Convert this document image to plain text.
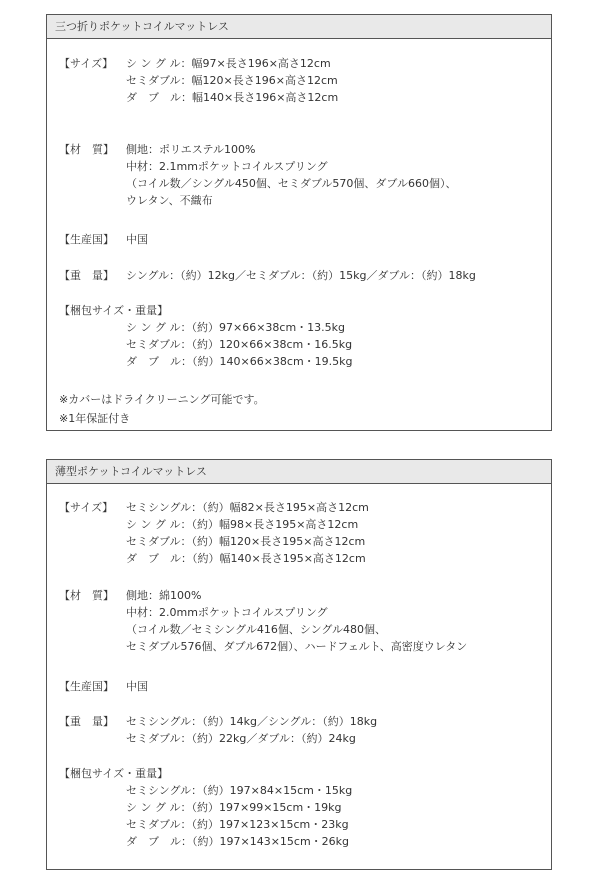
三つ折りポケットコイルマットレス
【サイズ】 シ ン グ ル：幅97×長さ196×高さ12cm
セミダブル：幅120×長さ196×高さ12cm
ダ　ブ　ル：幅140×長さ196×高さ12cm
【材　質】 側地：ポリエステル100%
中材：2.1mmポケットコイルスプリング
（コイル数／シングル450個、セミダブル570個、ダブル660個）、
ウレタン、不織布
【生産国】 中国
【重　量】 シングル：（約）12kg／セミダブル：（約）15kg／ダブル：（約）18kg
【梱包サイズ・重量】
シ ン グ ル：（約）97×66×38cm・13.5kg
セミダブル：（約）120×66×38cm・16.5kg
ダ　ブ　ル：（約）140×66×38cm・19.5kg
※カバーはドライクリーニング可能です。
※1年保証付き
薄型ポケットコイルマットレス
【サイズ】 セミシングル：（約）幅82×長さ195×高さ12cm
シ ン グ ル：（約）幅98×長さ195×高さ12cm
セミダブル：（約）幅120×長さ195×高さ12cm
ダ　ブ　ル：（約）幅140×長さ195×高さ12cm
【材　質】 側地：綿100%
中材：2.0mmポケットコイルスプリング
（コイル数／セミシングル416個、シングル480個、
セミダブル576個、ダブル672個）、ハードフェルト、高密度ウレタン
【生産国】 中国
【重　量】 セミシングル：（約）14kg／シングル：（約）18kg
セミダブル：（約）22kg／ダブル：（約）24kg
【梱包サイズ・重量】
セミシングル：（約）197×84×15cm・15kg
シ ン グ ル：（約）197×99×15cm・19kg
セミダブル：（約）197×123×15cm・23kg
ダ　ブ　ル：（約）197×143×15cm・26kg
